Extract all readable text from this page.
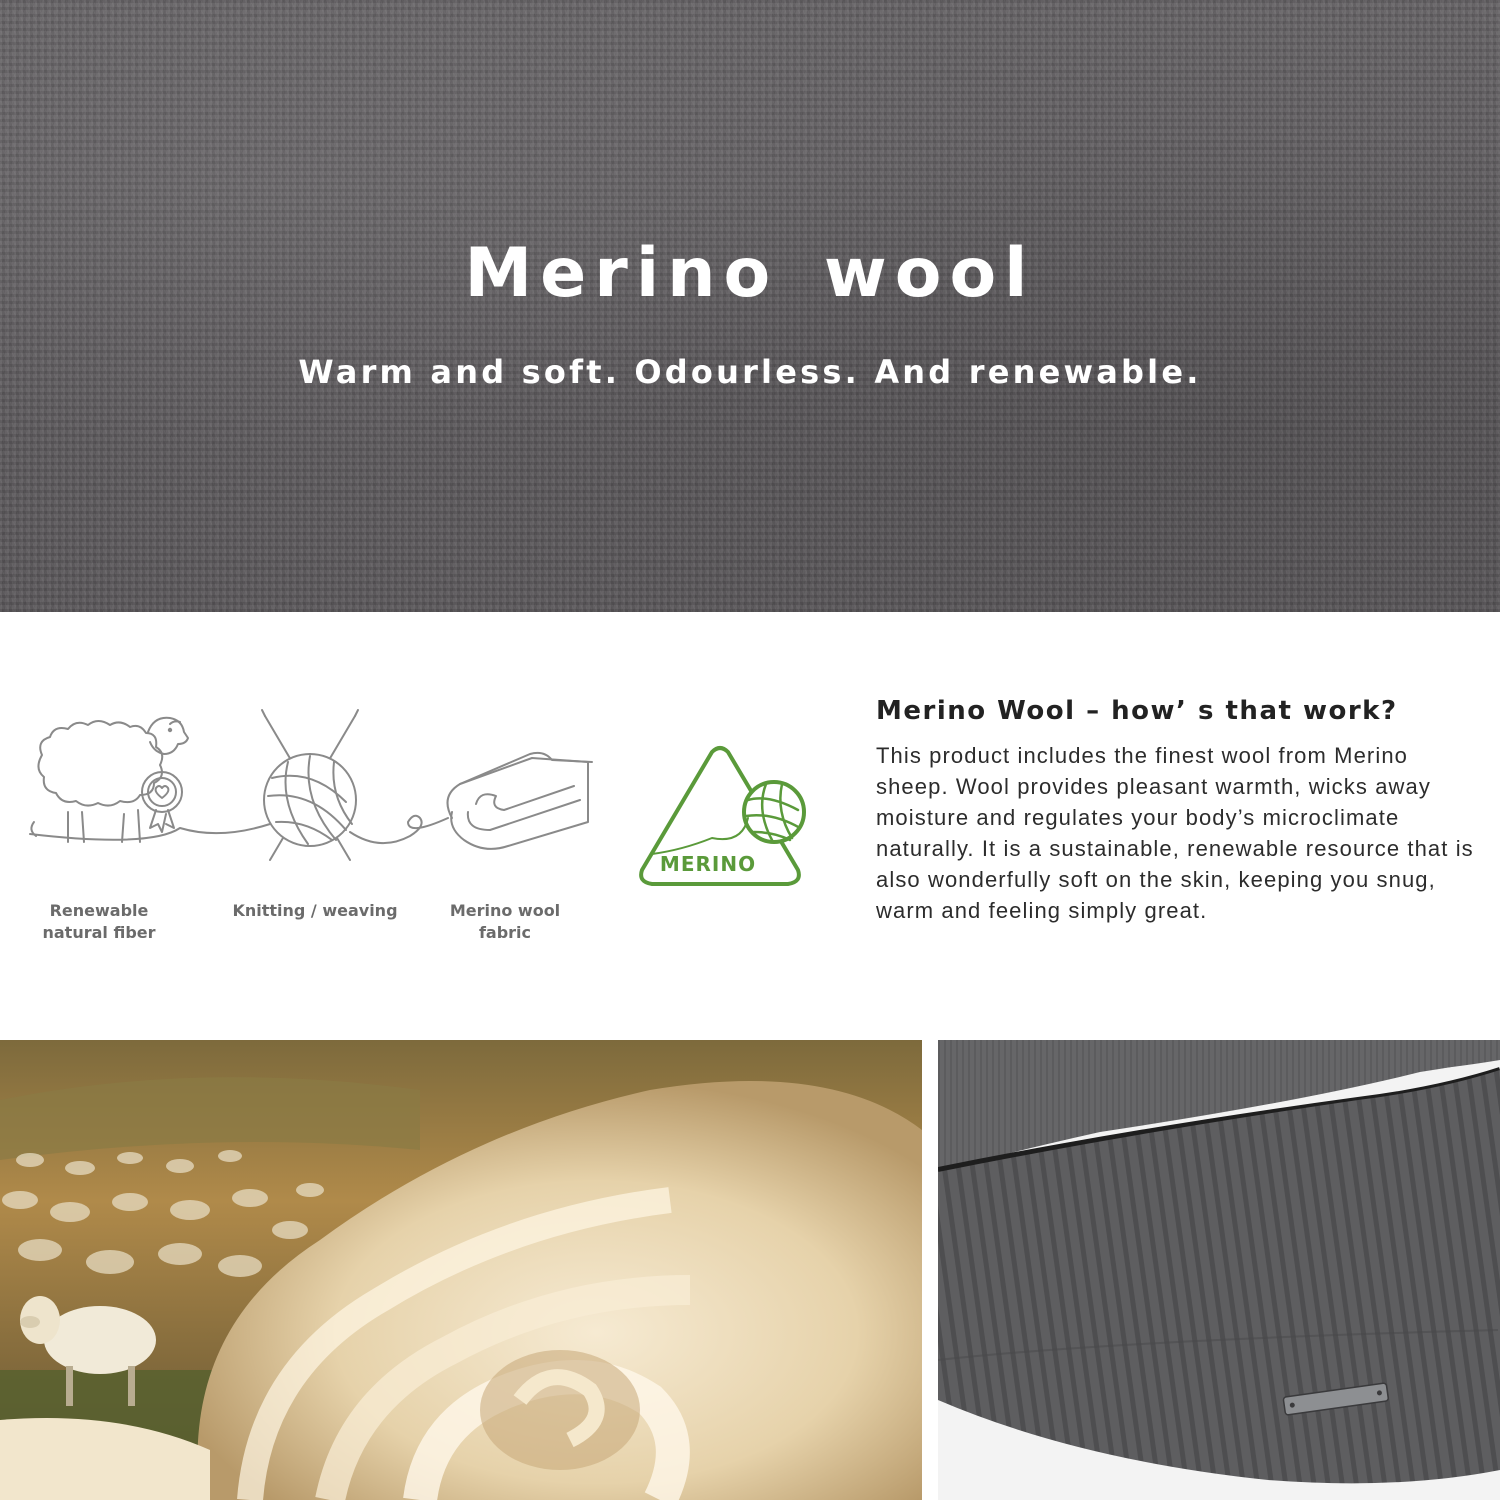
Merino wool
Warm and soft. Odourless. And renewable.
Renewable
natural fiber
Knitting / weaving	Merino wool
fabric
MERINO
Merino Wool – how’ s that work?

This product includes the finest wool from Merino sheep. Wool provides pleasant warmth, wicks away moisture and regulates your body’s microclimate naturally. It is a sustainable, renewable resource that is also wonderfully soft on the skin, keeping you snug, warm and feeling simply great.
